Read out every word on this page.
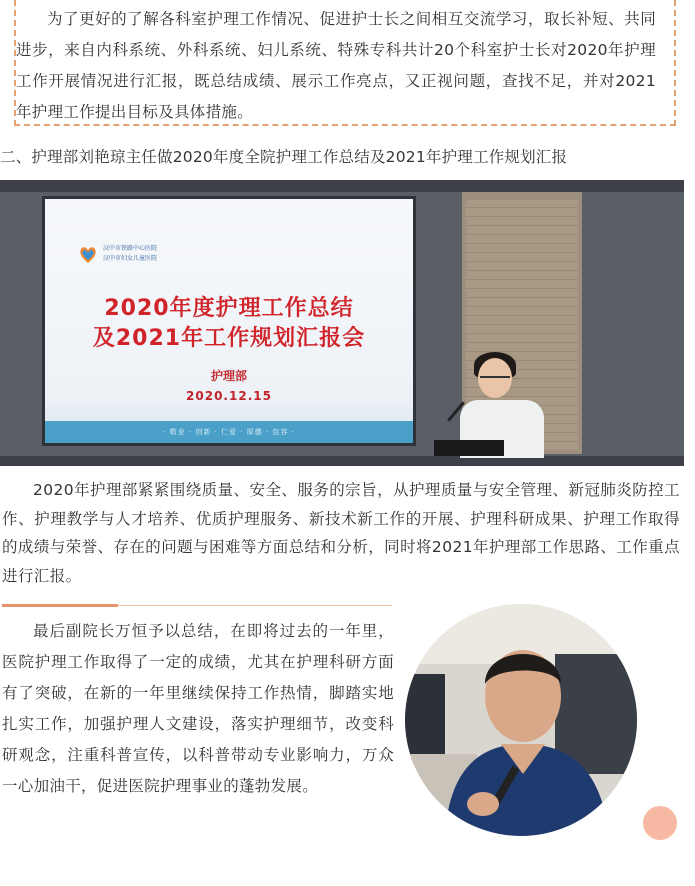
为了更好的了解各科室护理工作情况、促进护士长之间相互交流学习，取长补短、共同进步，来自内科系统、外科系统、妇儿系统、特殊专科共计20个科室护士长对2020年护理工作开展情况进行汇报，既总结成绩、展示工作亮点，又正视问题，查找不足，并对2021年护理工作提出目标及具体措施。

二、护理部刘艳琼主任做2020年度全院护理工作总结及2021年护理工作规划汇报

汉中市铁路中心医院

汉中市妇女儿童医院

2020年度护理工作总结

及2021年工作规划汇报会

护理部

2020.12.15

· 敬业 · 创新 · 仁爱 · 厚德 · 包容 ·

2020年护理部紧紧围绕质量、安全、服务的宗旨，从护理质量与安全管理、新冠肺炎防控工作、护理教学与人才培养、优质护理服务、新技术新工作的开展、护理科研成果、护理工作取得的成绩与荣誉、存在的问题与困难等方面总结和分析，同时将2021年护理部工作思路、工作重点进行汇报。

最后副院长万恒予以总结，在即将过去的一年里，医院护理工作取得了一定的成绩，尤其在护理科研方面有了突破，在新的一年里继续保持工作热情，脚踏实地扎实工作，加强护理人文建设，落实护理细节，改变科研观念，注重科普宣传，以科普带动专业影响力，万众一心加油干，促进医院护理事业的蓬勃发展。
